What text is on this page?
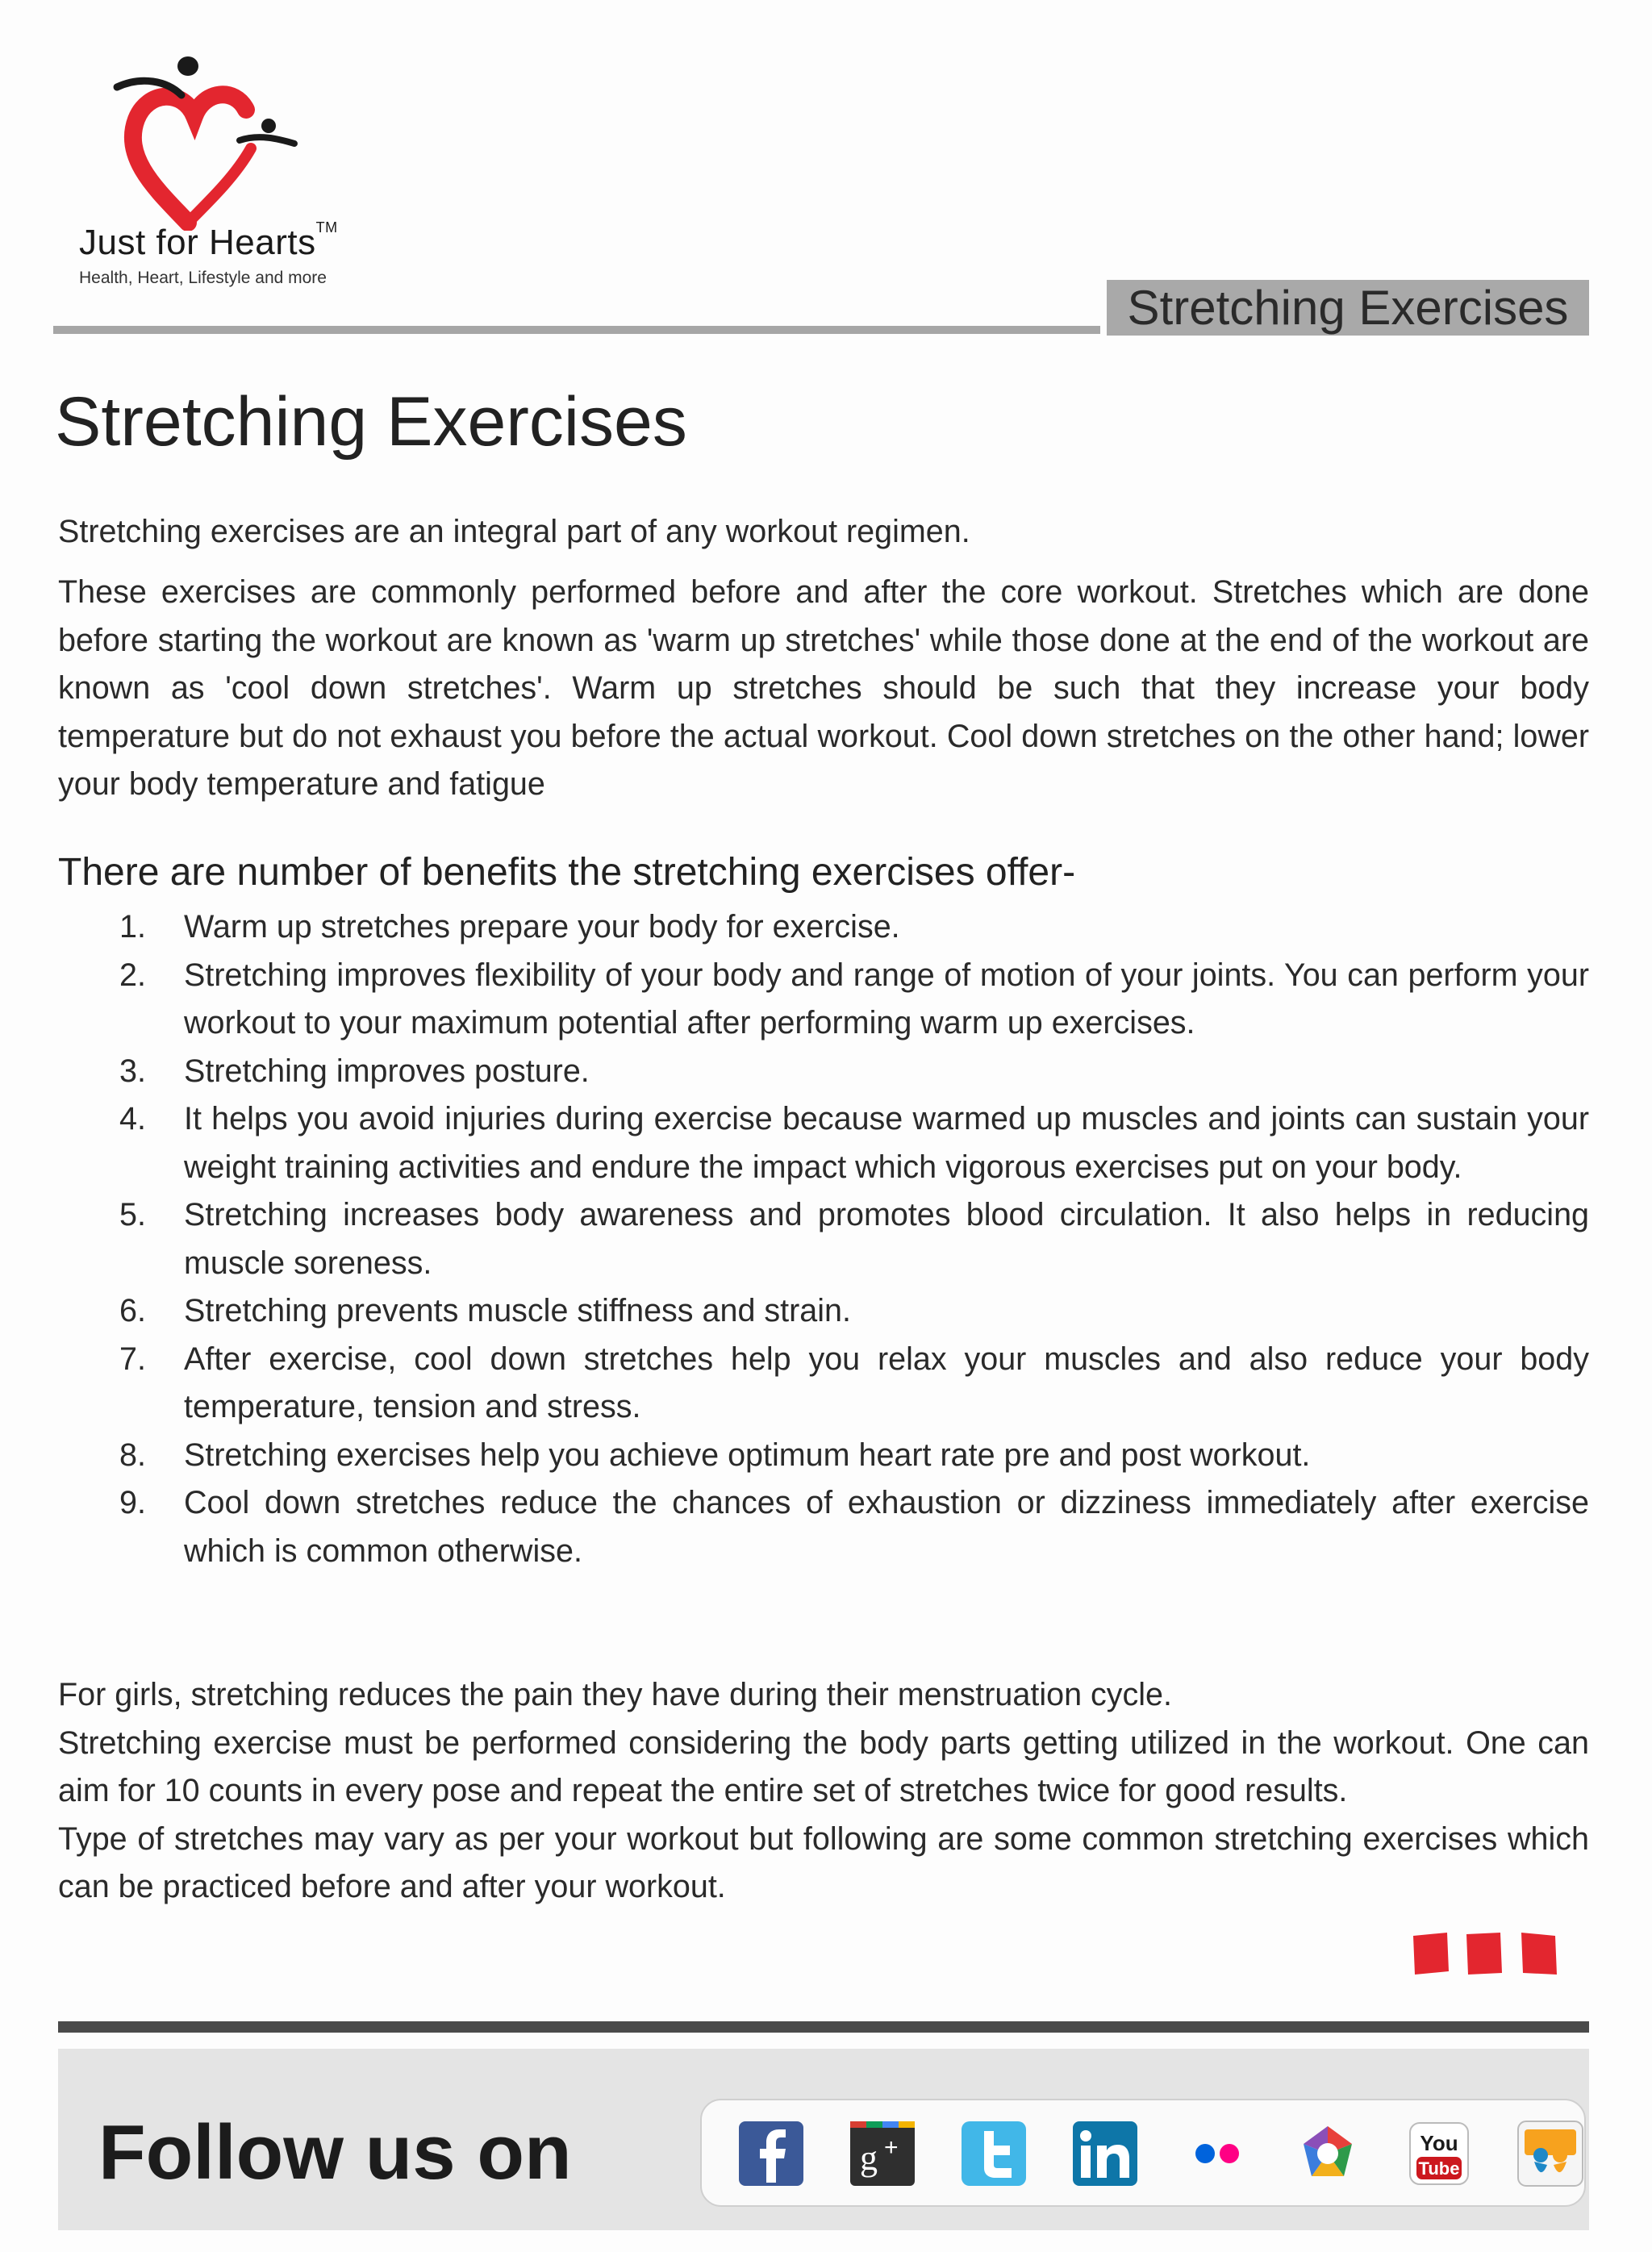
Just for Hearts™
Health, Heart, Lifestyle and more
Stretching Exercises
Stretching Exercises

Stretching exercises are an integral part of any workout regimen.

These exercises are commonly performed before and after the core workout. Stretches which are done before starting the workout are known as 'warm up stretches' while those done at the end of the workout are known as 'cool down stretches'. Warm up stretches should be such that they increase your body temperature but do not exhaust you before the actual workout. Cool down stretches on the other hand; lower your body temperature and fatigue

There are number of benefits the stretching exercises offer-
1. Warm up stretches prepare your body for exercise.
2. Stretching improves flexibility of your body and range of motion of your joints. You can perform your workout to your maximum potential after performing warm up exercises.
3. Stretching improves posture.
4. It helps you avoid injuries during exercise because warmed up muscles and joints can sustain your weight training activities and endure the impact which vigorous exercises put on your body.
5. Stretching increases body awareness and promotes blood circulation. It also helps in reducing muscle soreness.
6. Stretching prevents muscle stiffness and strain.
7. After exercise, cool down stretches help you relax your muscles and also reduce your body temperature, tension and stress.
8. Stretching exercises help you achieve optimum heart rate pre and post workout.
9. Cool down stretches reduce the chances of exhaustion or dizziness immediately after exercise which is common otherwise.
For girls, stretching reduces the pain they have during their menstruation cycle.
Stretching exercise must be performed considering the body parts getting utilized in the workout. One can aim for 10 counts in every pose and repeat the entire set of stretches twice for good results.
Type of stretches may vary as per your workout but following are some common stretching exercises which can be practiced before and after your workout.
Follow us on	g +	You
Tube
